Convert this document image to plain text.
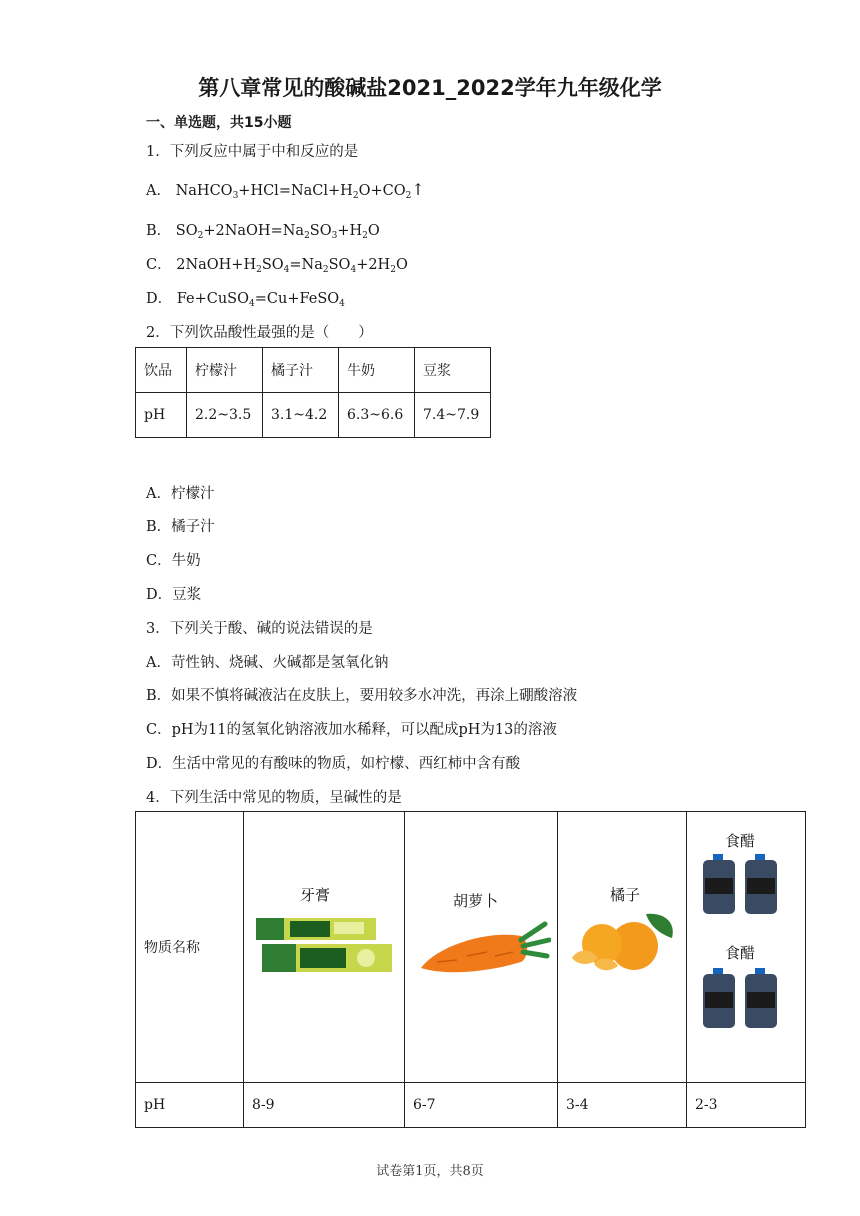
第八章常见的酸碱盐2021_2022学年九年级化学
一、单选题，共15小题
1．下列反应中属于中和反应的是
A． $NaHCO_3+HCl=NaCl+H_2O+CO_2↑$
B． $SO_2+2NaOH=Na_2SO_3+H_2O$
C． $2NaOH+H_2SO_4=Na_2SO_4+2H_2O$
D． Fe+CuSO$_4$=Cu+FeSO$_4$
2．下列饮品酸性最强的是（　　）
饮品	柠檬汁	橘子汁	牛奶	豆浆
pH	2.2~3.5	3.1~4.2	6.3~6.6	7.4~7.9
A．柠檬汁
B．橘子汁
C．牛奶
D．豆浆
3．下列关于酸、碱的说法错误的是
A．苛性钠、烧碱、火碱都是氢氧化钠
B．如果不慎将碱液沾在皮肤上，要用较多水冲洗，再涂上硼酸溶液
C．pH为11的氢氧化钠溶液加水稀释，可以配成pH为13的溶液
D．生活中常见的有酸味的物质，如柠檬、西红柿中含有酸
4．下列生活中常见的物质，呈碱性的是
物质名称	牙膏	胡萝卜	橘子	食醋
食醋

pH	8-9	6-7	3-4	2-3
试卷第1页，共8页
